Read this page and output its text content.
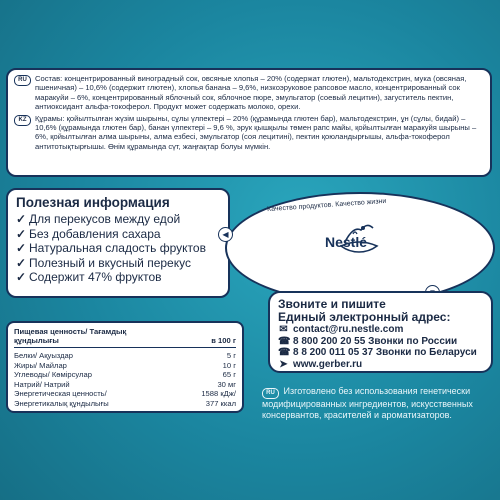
RU	Состав: концентрированный виноградный сок, овсяные хлопья – 20% (содержат глютен), мальтодекстрин, мука (овсяная, пшеничная) – 10,6% (содержит глютен), хлопья банана – 9,6%, низкоэруковое рапсовое масло, концентрированный сок маракуйи – 6%, концентрированный яблочный сок, яблочное пюре, эмульгатор (соевый лецитин), загуститель пектин, антиоксидант альфа-токоферол. Продукт может содержать молоко, орехи.
KZ	Құрамы: қойылтылған жүзім шырыны, сұлы үлпектері – 20% (құрамында глютен бар), мальтодекстрин, ұн (сұлы, бидай) – 10,6% (құрамында глютен бар), банан үлпектері – 9,6 %, эрук қышқылы төмен рапс майы, қойылтылған маракуйя шырыны – 6%, қойылтылған алма шырыны, алма езбесі, эмульгатор (соя лецитині), пектин қоюландырғышы, альфа-токоферол антитотықтырғышы. Өнім құрамында сүт, жаңғақтар болуы мүмкін.
Полезная информация
✓ Для перекусов между едой
✓ Без добавления сахара
✓ Натуральная сладость фруктов
✓ Полезный и вкусный перекус
✓ Содержит 47% фруктов
Качество продуктов. Качество жизни
Nestlé
◀
Звоните и пишите
Единый электронный адрес:
✉ contact@ru.nestle.com
☎ 8 800 200 20 55 Звонки по России
☎ 8 8 200 011 05 37 Звонки по Беларуси
➤ www.gerber.ru
Пищевая ценность/ Тағамдық құндылығы	в 100 г
Белки/ Ақуыздар	5 г
Жиры/ Майлар	10 г
Углеводы/ Көмірсулар	65 г
Натрий/ Натрий	30 мг
Энергетическая ценность/	1588 кДж/
Энергетикалық құндылығы	377 ккал
RU Изготовлено без использования генетически модифицированных ингредиентов, искусственных консервантов, красителей и ароматизаторов.
